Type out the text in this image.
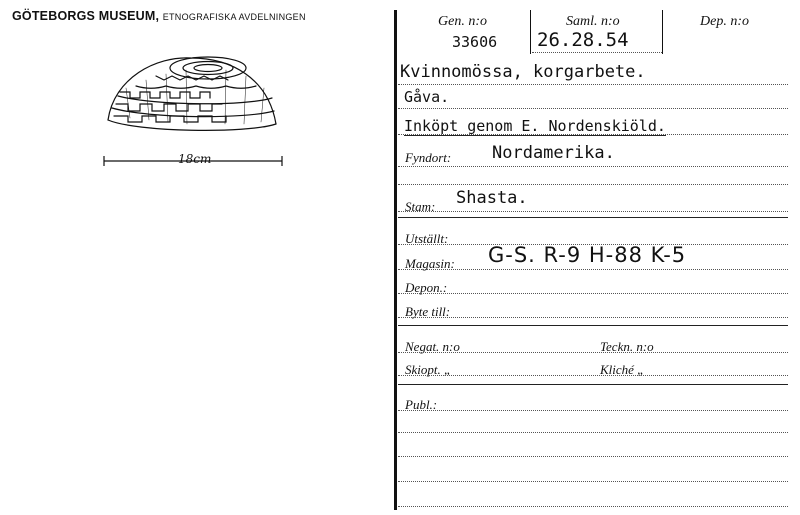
GÖTEBORGS MUSEUM, ETNOGRAFISKA AVDELNINGEN
18cm
Gen. n:o
33606
Saml. n:o
26.28.54
Dep. n:o
Kvinnomössa, korgarbete.
Gåva.
Inköpt genom E. Nordenskiöld.
Fyndort: Nordamerika.
Stam: Shasta.
Utställt:
Magasin: G-S. R-9 H-88 K-5
Depon.:
Byte till:
Negat. n:o	Teckn. n:o
Skiopt. „	Kliché „
Publ.:
